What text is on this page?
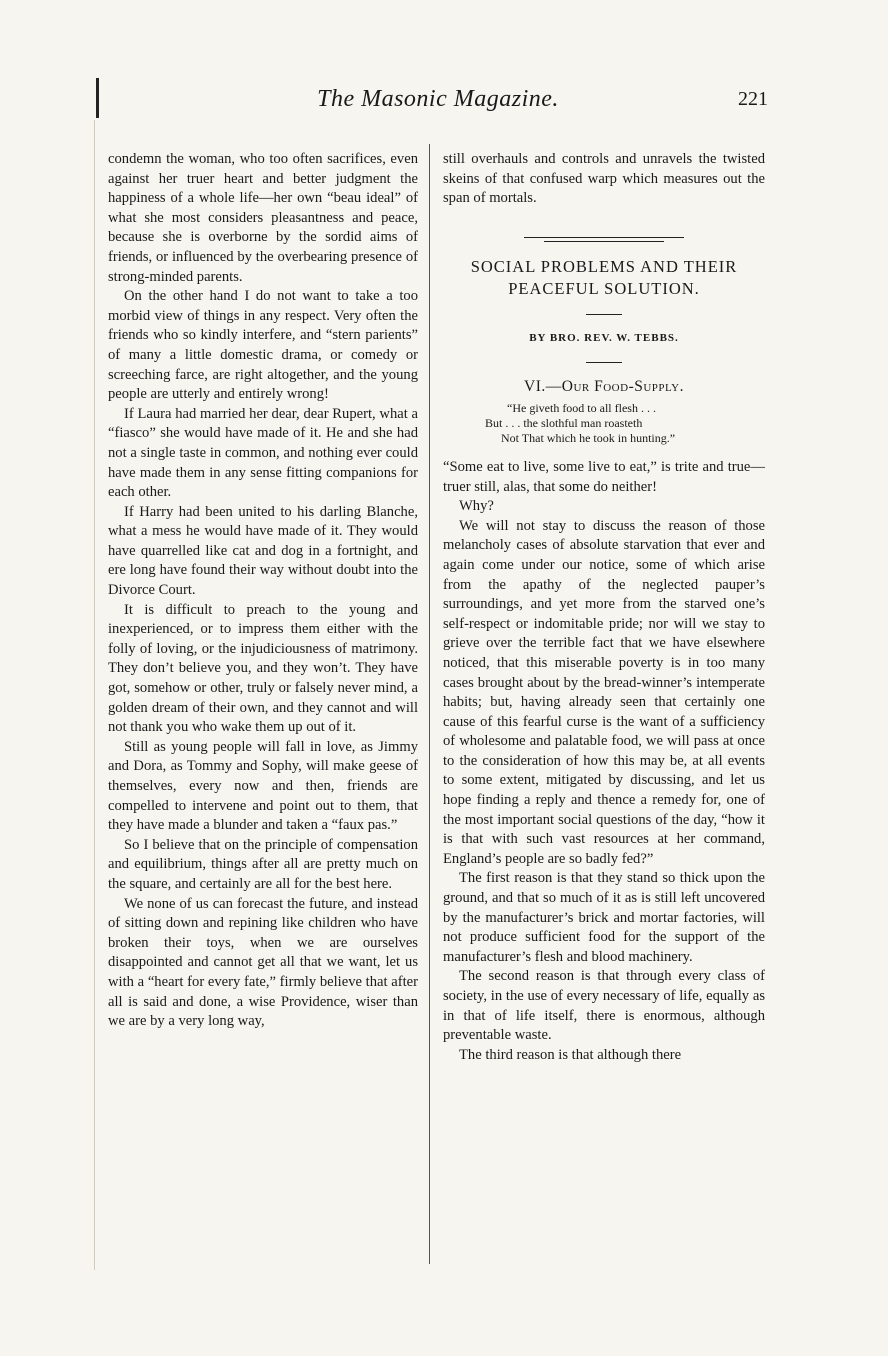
The Masonic Magazine.	221

condemn the woman, who too often sacrifices, even against her truer heart and better judgment the happiness of a whole life—her own “beau ideal” of what she most considers pleasantness and peace, because she is overborne by the sordid aims of friends, or influenced by the overbearing presence of strong-minded parents.

On the other hand I do not want to take a too morbid view of things in any respect. Very often the friends who so kindly interfere, and “stern parients” of many a little domestic drama, or comedy or screeching farce, are right altogether, and the young people are utterly and entirely wrong!

If Laura had married her dear, dear Rupert, what a “fiasco” she would have made of it. He and she had not a single taste in common, and nothing ever could have made them in any sense fitting companions for each other.

If Harry had been united to his darling Blanche, what a mess he would have made of it. They would have quarrelled like cat and dog in a fortnight, and ere long have found their way without doubt into the Divorce Court.

It is difficult to preach to the young and inexperienced, or to impress them either with the folly of loving, or the injudiciousness of matrimony. They don’t believe you, and they won’t. They have got, somehow or other, truly or falsely never mind, a golden dream of their own, and they cannot and will not thank you who wake them up out of it.

Still as young people will fall in love, as Jimmy and Dora, as Tommy and Sophy, will make geese of themselves, every now and then, friends are compelled to intervene and point out to them, that they have made a blunder and taken a “faux pas.”

So I believe that on the principle of compensation and equilibrium, things after all are pretty much on the square, and certainly are all for the best here.

We none of us can forecast the future, and instead of sitting down and repining like children who have broken their toys, when we are ourselves disappointed and cannot get all that we want, let us with a “heart for every fate,” firmly believe that after all is said and done, a wise Providence, wiser than we are by a very long way,

still overhauls and controls and unravels the twisted skeins of that confused warp which measures out the span of mortals.

SOCIAL PROBLEMS AND THEIR PEACEFUL SOLUTION.
BY BRO. REV. W. TEBBS.
VI.—Our Food-Supply.
“He giveth food to all flesh . . .
But . . . the slothful man roasteth
Not That which he took in hunting.”

“Some eat to live, some live to eat,” is trite and true—truer still, alas, that some do neither!

Why?

We will not stay to discuss the reason of those melancholy cases of absolute starvation that ever and again come under our notice, some of which arise from the apathy of the neglected pauper’s surroundings, and yet more from the starved one’s self-respect or indomitable pride; nor will we stay to grieve over the terrible fact that we have elsewhere noticed, that this miserable poverty is in too many cases brought about by the bread-winner’s intemperate habits; but, having already seen that certainly one cause of this fearful curse is the want of a sufficiency of wholesome and palatable food, we will pass at once to the consideration of how this may be, at all events to some extent, mitigated by discussing, and let us hope finding a reply and thence a remedy for, one of the most important social questions of the day, “how it is that with such vast resources at her command, England’s people are so badly fed?”

The first reason is that they stand so thick upon the ground, and that so much of it as is still left uncovered by the manufacturer’s brick and mortar factories, will not produce sufficient food for the support of the manufacturer’s flesh and blood machinery.

The second reason is that through every class of society, in the use of every necessary of life, equally as in that of life itself, there is enormous, although preventable waste.

The third reason is that although there
